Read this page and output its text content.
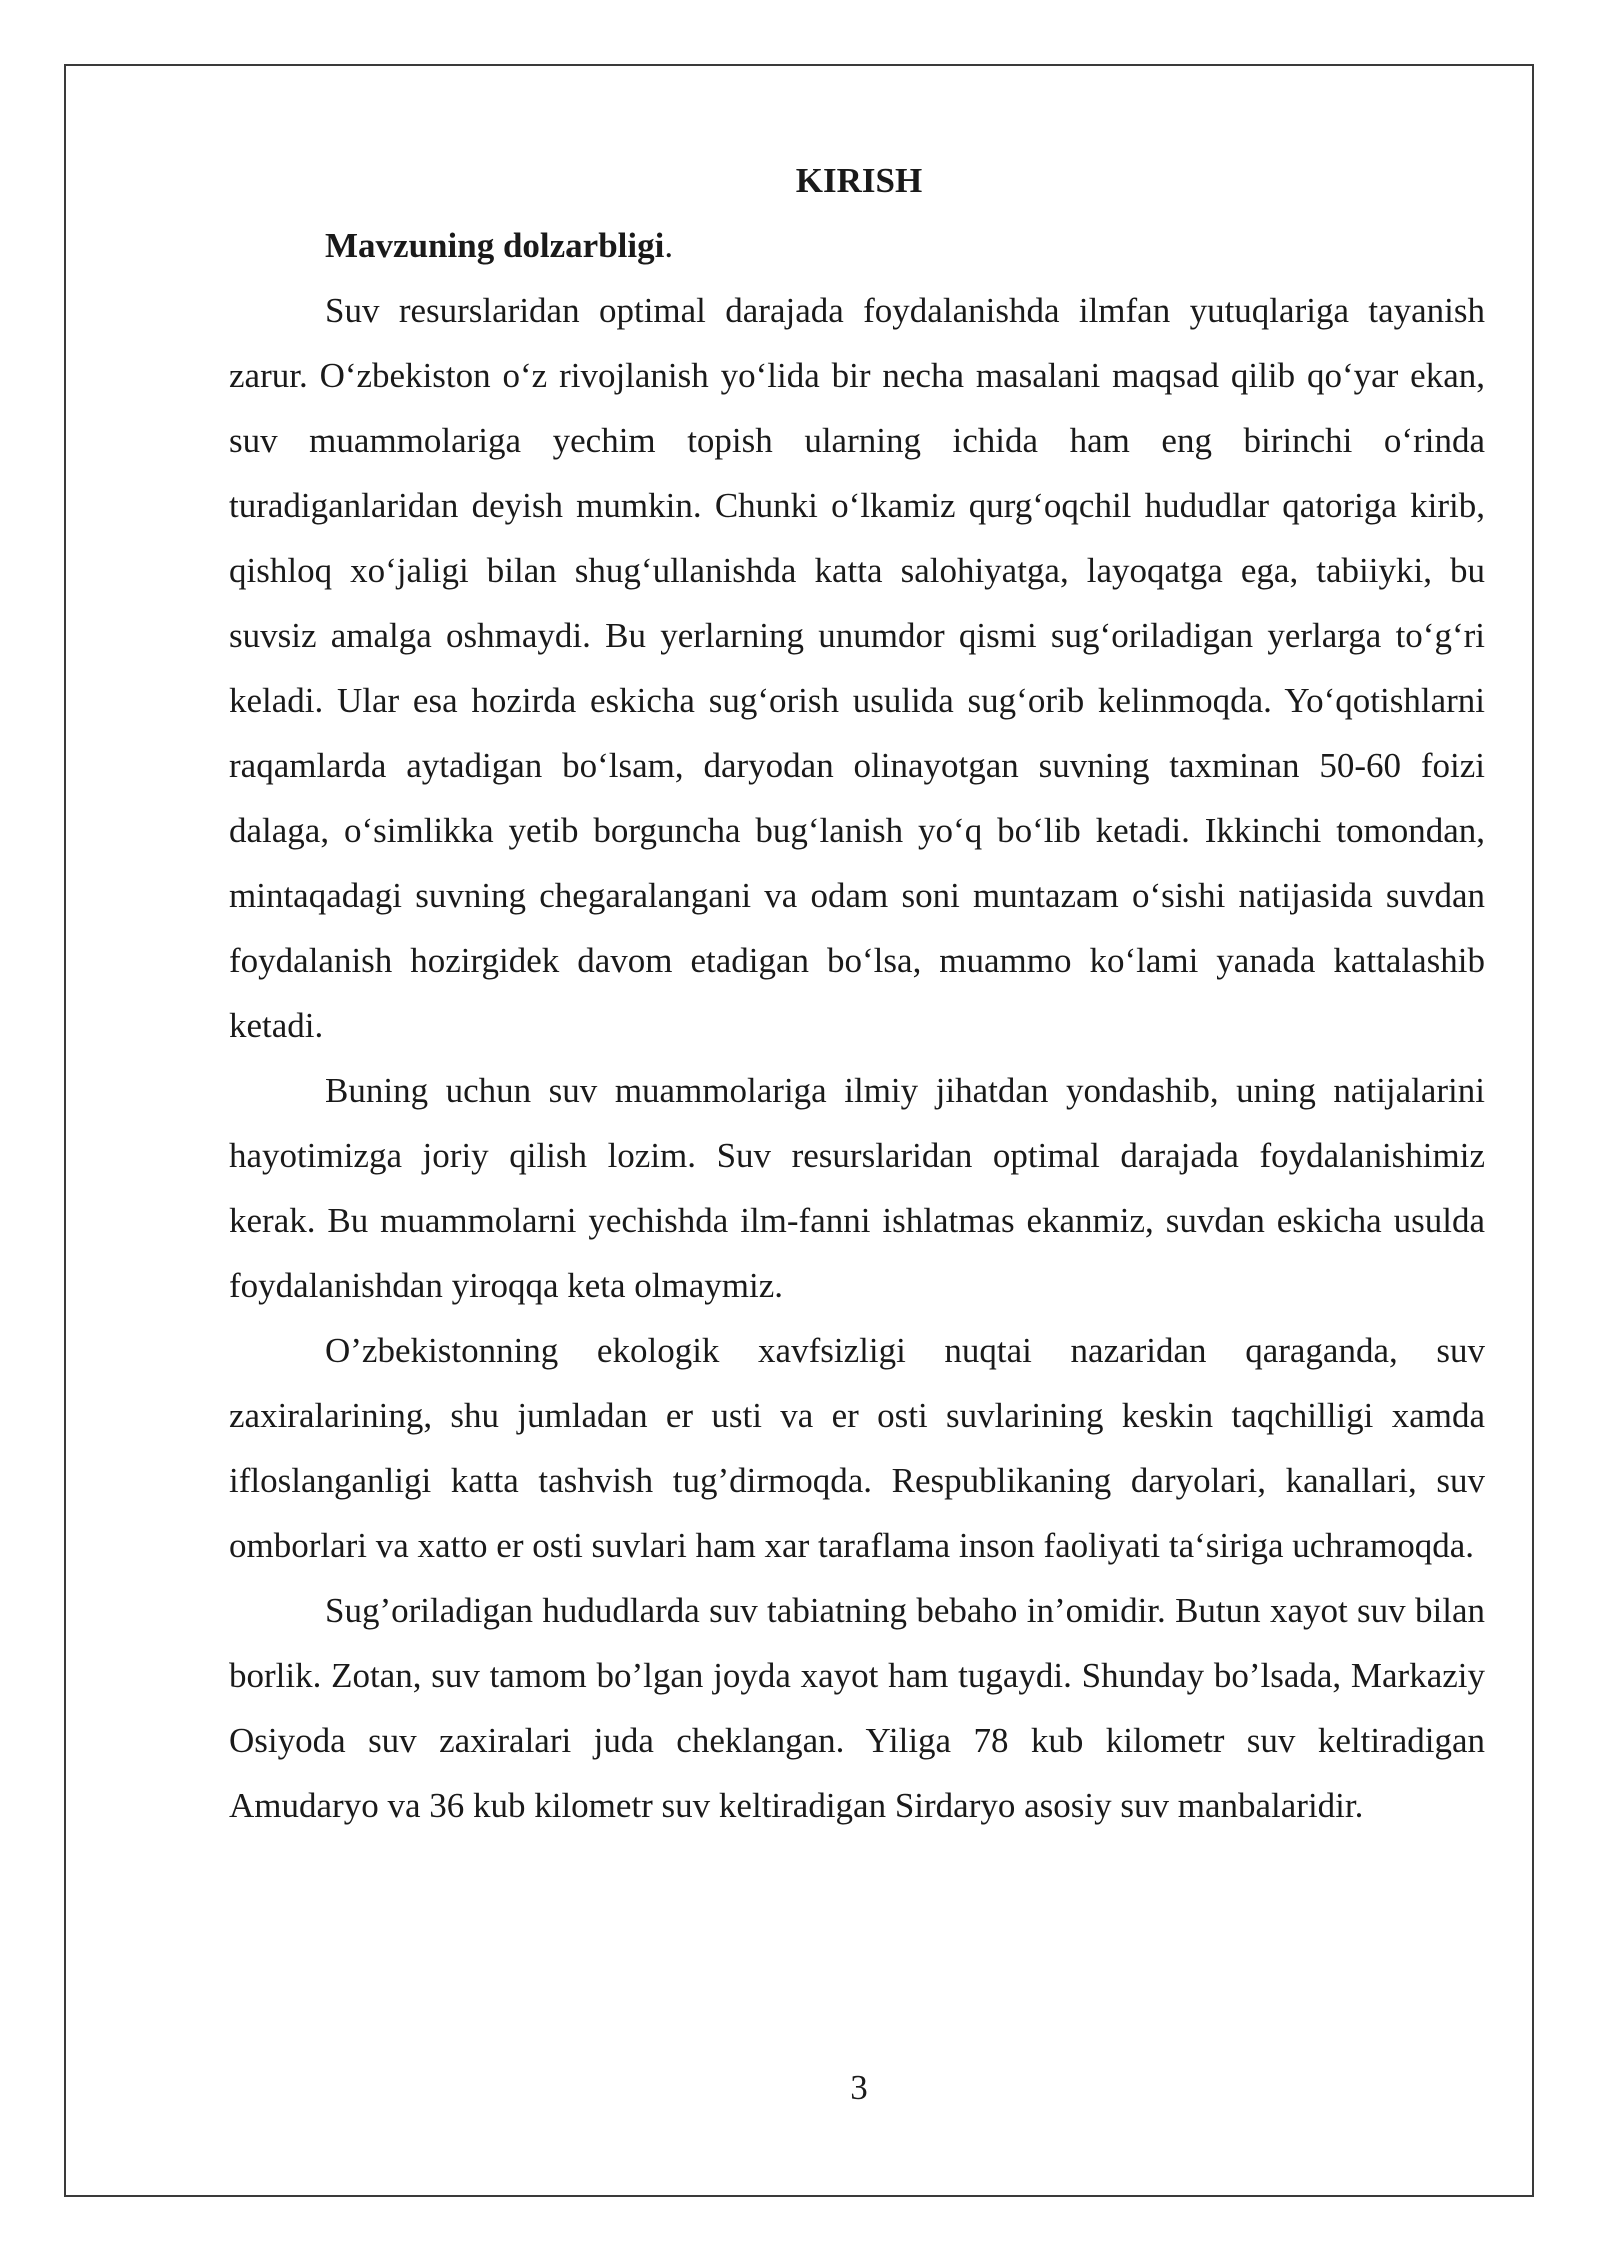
KIRISH

Mavzuning dolzarbligi.

Suv resurslaridan optimal darajada foydalanishda ilmfan yutuqlariga tayanish zarur. O‘zbekiston o‘z rivojlanish yo‘lida bir necha masalani maqsad qilib qo‘yar ekan, suv muammolariga yechim topish ularning ichida ham eng birinchi o‘rinda turadiganlaridan deyish mumkin. Chunki o‘lkamiz qurg‘oqchil hududlar qatoriga kirib, qishloq xo‘jaligi bilan shug‘ullanishda katta salohiyatga, layoqatga ega, tabiiyki, bu suvsiz amalga oshmaydi. Bu yerlarning unumdor qismi sug‘oriladigan yerlarga to‘g‘ri keladi. Ular esa hozirda eskicha sug‘orish usulida sug‘orib kelinmoqda. Yo‘qotishlarni raqamlarda aytadigan bo‘lsam, daryodan olinayotgan suvning taxminan 50-60 foizi dalaga, o‘simlikka yetib borguncha bug‘lanish yo‘q bo‘lib ketadi. Ikkinchi tomondan, mintaqadagi suvning chegaralangani va odam soni muntazam o‘sishi natijasida suvdan foydalanish hozirgidek davom etadigan bo‘lsa, muammo ko‘lami yanada kattalashib ketadi.

Buning uchun suv muammolariga ilmiy jihatdan yondashib, uning natijalarini hayotimizga joriy qilish lozim. Suv resurslaridan optimal darajada foydalanishimiz kerak. Bu muammolarni yechishda ilm-fanni ishlatmas ekanmiz, suvdan eskicha usulda foydalanishdan yiroqqa keta olmaymiz.

O’zbekistonning ekologik xavfsizligi nuqtai nazaridan qaraganda, suv zaxiralarining, shu jumladan er usti va er osti suvlarining keskin taqchilligi xamda ifloslanganligi katta tashvish tug’dirmoqda. Respublikaning daryolari, kanallari, suv omborlari va xatto er osti suvlari ham xar taraflama inson faoliyati ta‘siriga uchramoqda.

Sug’oriladigan hududlarda suv tabiatning bebaho in’omidir. Butun xayot suv bilan borlik. Zotan, suv tamom bo’lgan joyda xayot ham tugaydi. Shunday bo’lsada, Markaziy Osiyoda suv zaxiralari juda cheklangan. Yiliga 78 kub kilometr suv keltiradigan Amudaryo va 36 kub kilometr suv keltiradigan Sirdaryo asosiy suv manbalaridir.

3
